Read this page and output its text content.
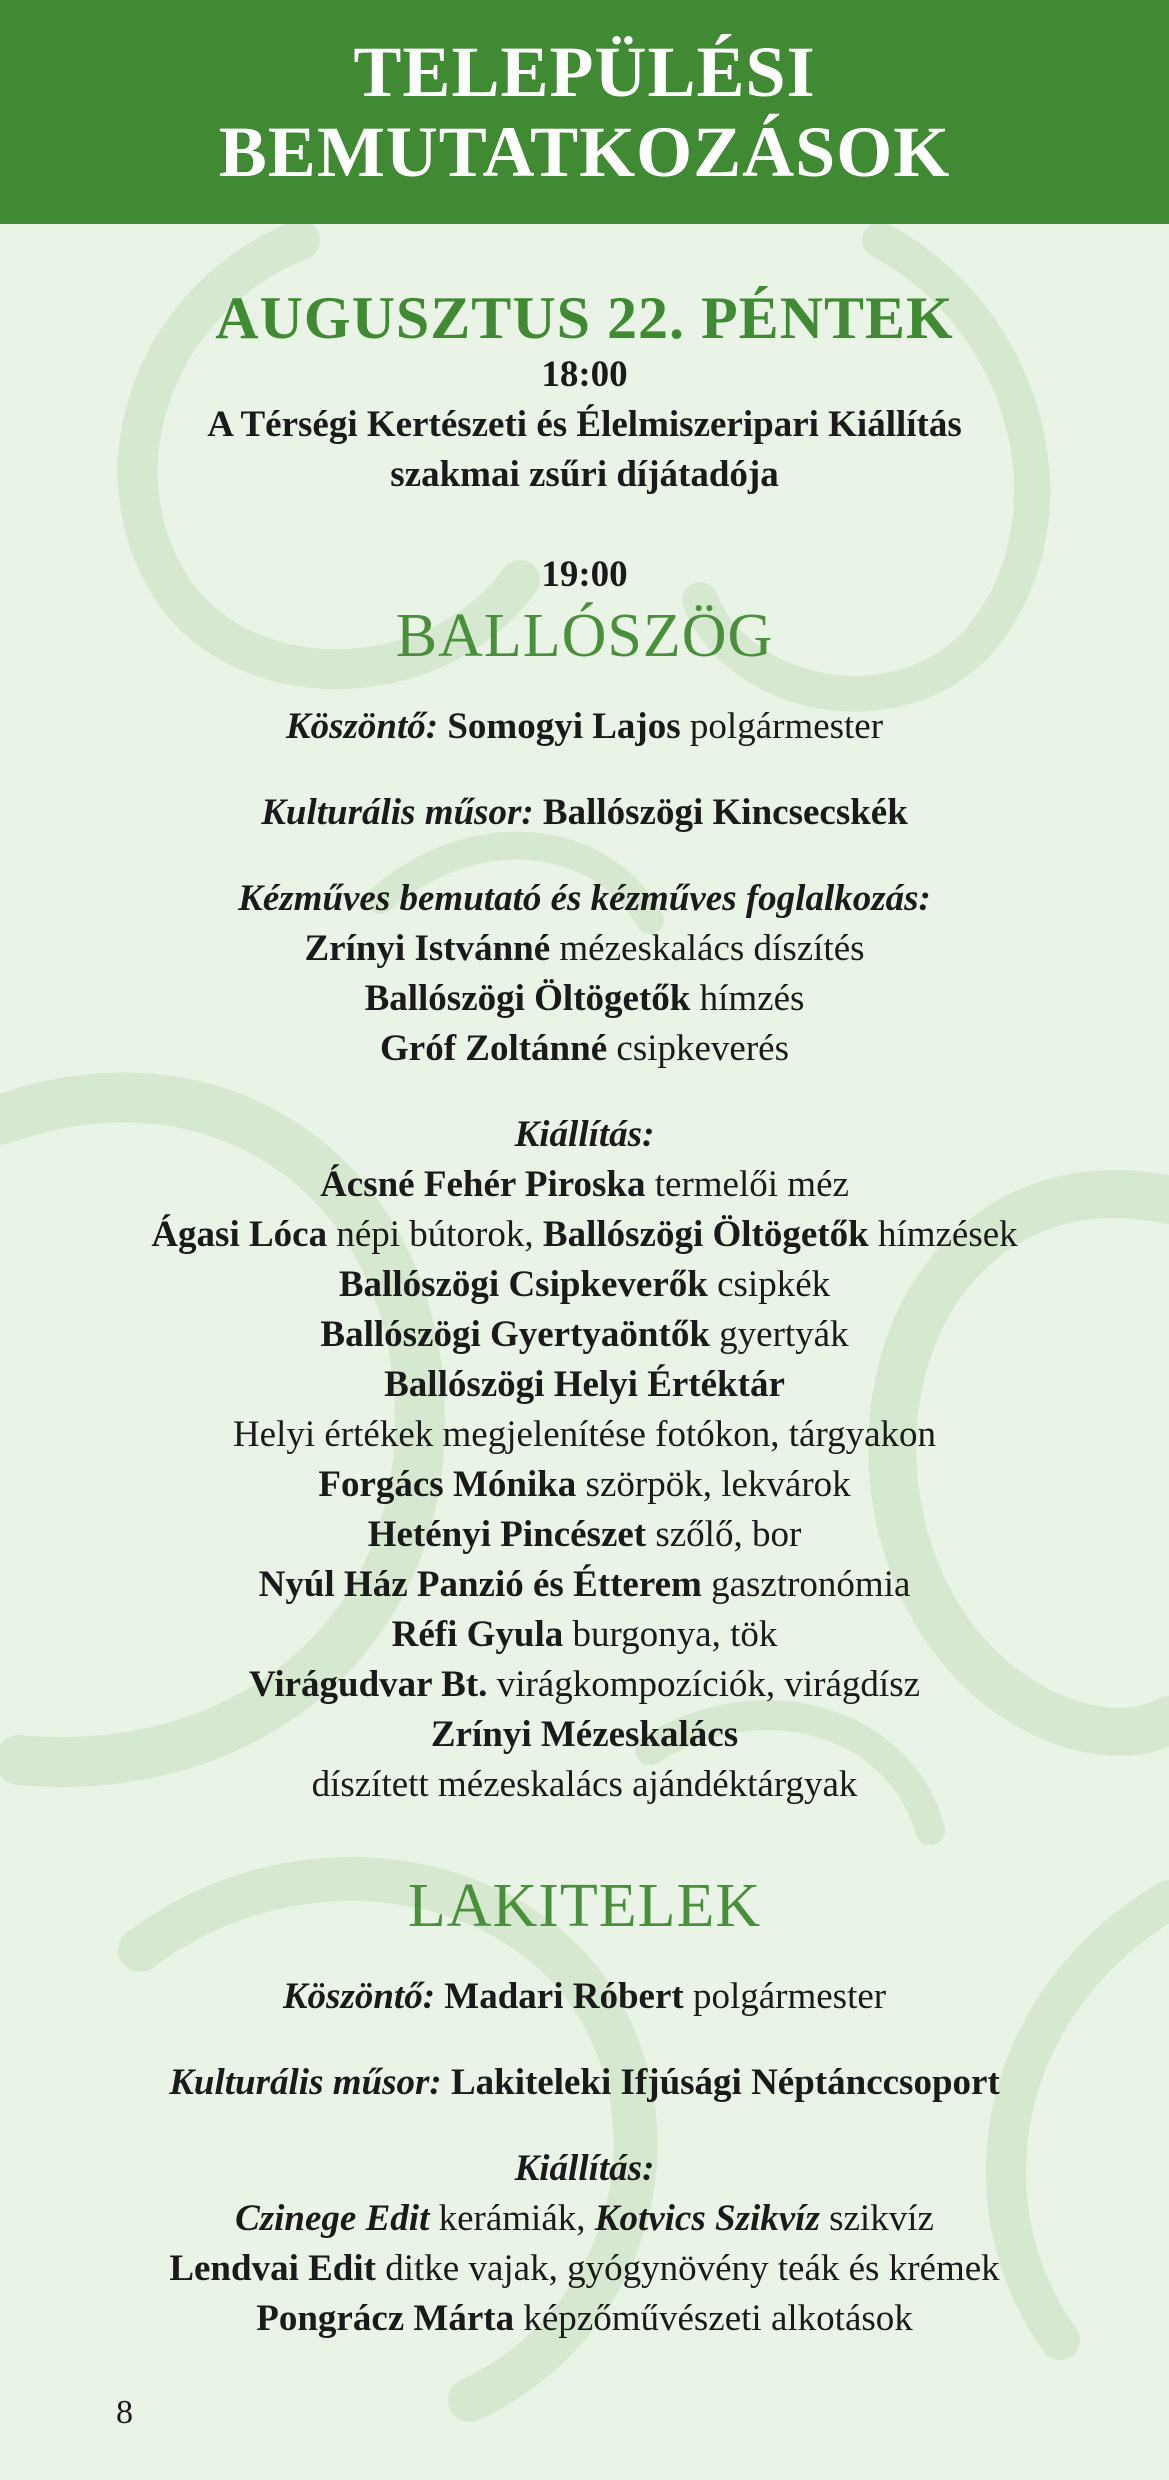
TELEPÜLÉSI
BEMUTATKOZÁSOK
AUGUSZTUS 22. PÉNTEK
18:00
A Térségi Kertészeti és Élelmiszeripari Kiállítás
szakmai zsűri díjátadója
19:00
BALLÓSZÖG
Köszöntő: Somogyi Lajos polgármester
Kulturális műsor: Ballószögi Kincsecskék
Kézműves bemutató és kézműves foglalkozás:
Zrínyi Istvánné mézeskalács díszítés
Ballószögi Öltögetők hímzés
Gróf Zoltánné csipkeverés
Kiállítás:
Ácsné Fehér Piroska termelői méz
Ágasi Lóca népi bútorok, Ballószögi Öltögetők hímzések
Ballószögi Csipkeverők csipkék
Ballószögi Gyertyaöntők gyertyák
Ballószögi Helyi Értéktár
Helyi értékek megjelenítése fotókon, tárgyakon
Forgács Mónika szörpök, lekvárok
Hetényi Pincészet szőlő, bor
Nyúl Ház Panzió és Étterem gasztronómia
Réfi Gyula burgonya, tök
Virágudvar Bt. virágkompozíciók, virágdísz
Zrínyi Mézeskalács
díszített mézeskalács ajándéktárgyak
LAKITELEK
Köszöntő: Madari Róbert polgármester
Kulturális műsor: Lakiteleki Ifjúsági Néptánccsoport
Kiállítás:
Czinege Edit kerámiák, Kotvics Szikvíz szikvíz
Lendvai Edit ditke vajak, gyógynövény teák és krémek
Pongrácz Márta képzőművészeti alkotások
8
